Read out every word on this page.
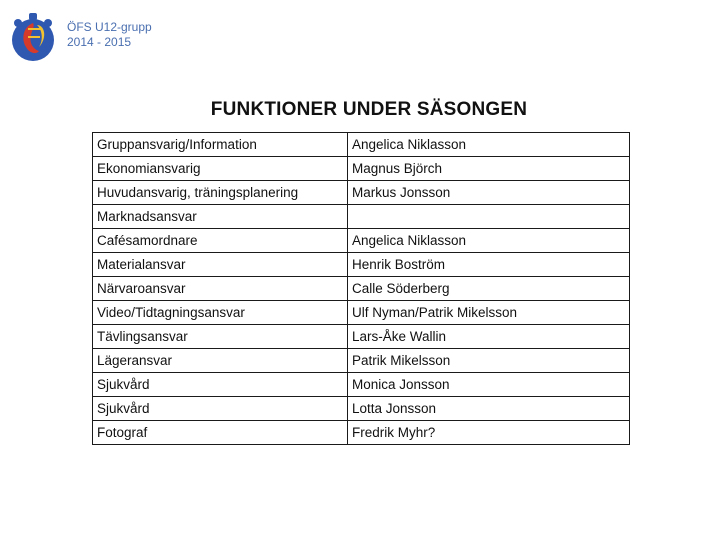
ÖFS U12-grupp
2014 - 2015
FUNKTIONER UNDER SÄSONGEN
Gruppansvarig/Information	Angelica Niklasson
Ekonomiansvarig	Magnus Björch
Huvudansvarig, träningsplanering	Markus Jonsson
Marknadsansvar	
Cafésamordnare	Angelica Niklasson
Materialansvar	Henrik Boström
Närvaroansvar	Calle Söderberg
Video/Tidtagningsansvar	Ulf Nyman/Patrik Mikelsson
Tävlingsansvar	Lars-Åke Wallin
Lägeransvar	Patrik Mikelsson
Sjukvård	Monica Jonsson
Sjukvård	Lotta Jonsson
Fotograf	Fredrik Myhr?
